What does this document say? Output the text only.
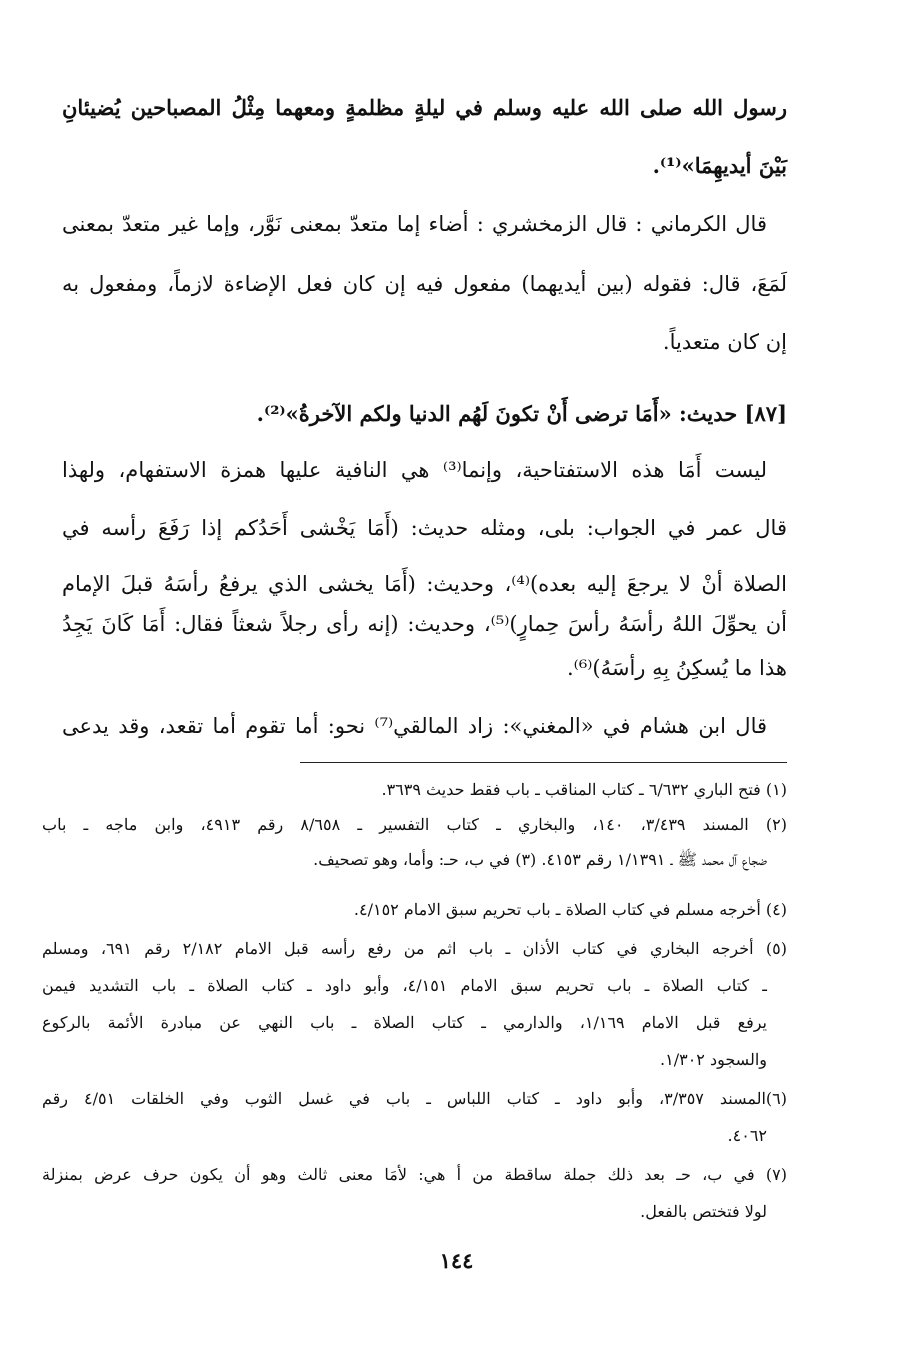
رسول الله صلى الله عليه وسلم في ليلةٍ مظلمةٍ ومعهما مِثْلُ المصباحين يُضيئانِ
بَيْنَ أيديهِمَا»⁽¹⁾.
قال الكرماني : قال الزمخشري : أضاء إما متعدّ بمعنى نَوَّر، وإما غير متعدّ بمعنى
لَمَعَ، قال: فقوله (بين أيديهما) مفعول فيه إن كان فعل الإضاءة لازماً، ومفعول به
إن كان متعدياً.
[٨٧] حديث: «أَمَا ترضى أَنْ تكونَ لَهُم الدنيا ولكم الآخرةُ»⁽²⁾.
ليست أَمَا هذه الاستفتاحية، وإنما⁽³⁾ هي النافية عليها همزة الاستفهام، ولهذا
قال عمر في الجواب: بلى، ومثله حديث: (أَمَا يَخْشى أَحَدُكم إذا رَفَعَ رأسه في
الصلاة أنْ لا يرجعَ إليه بعده)⁽⁴⁾، وحديث: (أَمَا يخشى الذي يرفعُ رأسَهُ قبلَ الإمام
أن يحوِّلَ اللهُ رأسَهُ رأسَ حِمارٍ)⁽⁵⁾، وحديث: (إنه رأى رجلاً شعثاً فقال: أَمَا كَانَ يَجِدُ
هذا ما يُسكِنُ بِهِ رأسَهُ)⁽⁶⁾.
قال ابن هشام في «المغني»: زاد المالقي⁽⁷⁾ نحو: أما تقوم أما تقعد، وقد يدعى
(١) فتح الباري ٦/٦٣٢ ـ كتاب المناقب ـ باب فقط حديث ٣٦٣٩.
(٢) المسند ٣/٤٣٩، ١٤٠، والبخاري ـ كتاب التفسير ـ ٨/٦٥٨ رقم ٤٩١٣، وابن ماجه ـ باب
ضجاع آل محمد ﷺ ـ ١/١٣٩١ رقم ٤١٥٣. (٣) في ب، حـ: وأما، وهو تصحيف.
(٤) أخرجه مسلم في كتاب الصلاة ـ باب تحريم سبق الامام ٤/١٥٢.
(٥) أخرجه البخاري في كتاب الأذان ـ باب اثم من رفع رأسه قبل الامام ٢/١٨٢ رقم ٦٩١، ومسلم
ـ كتاب الصلاة ـ باب تحريم سبق الامام ٤/١٥١، وأبو داود ـ كتاب الصلاة ـ باب التشديد فيمن
يرفع قبل الامام ١/١٦٩، والدارمي ـ كتاب الصلاة ـ باب النهي عن مبادرة الأئمة بالركوع
والسجود ١/٣٠٢.
(٦)المسند ٣/٣٥٧، وأبو داود ـ كتاب اللباس ـ باب في غسل الثوب وفي الخلقات ٤/٥١ رقم
٤٠٦٢.
(٧) في ب، حـ بعد ذلك جملة ساقطة من أ هي: لأمَا معنى ثالث وهو أن يكون حرف عرض بمنزلة
لولا فتختص بالفعل.
١٤٤
